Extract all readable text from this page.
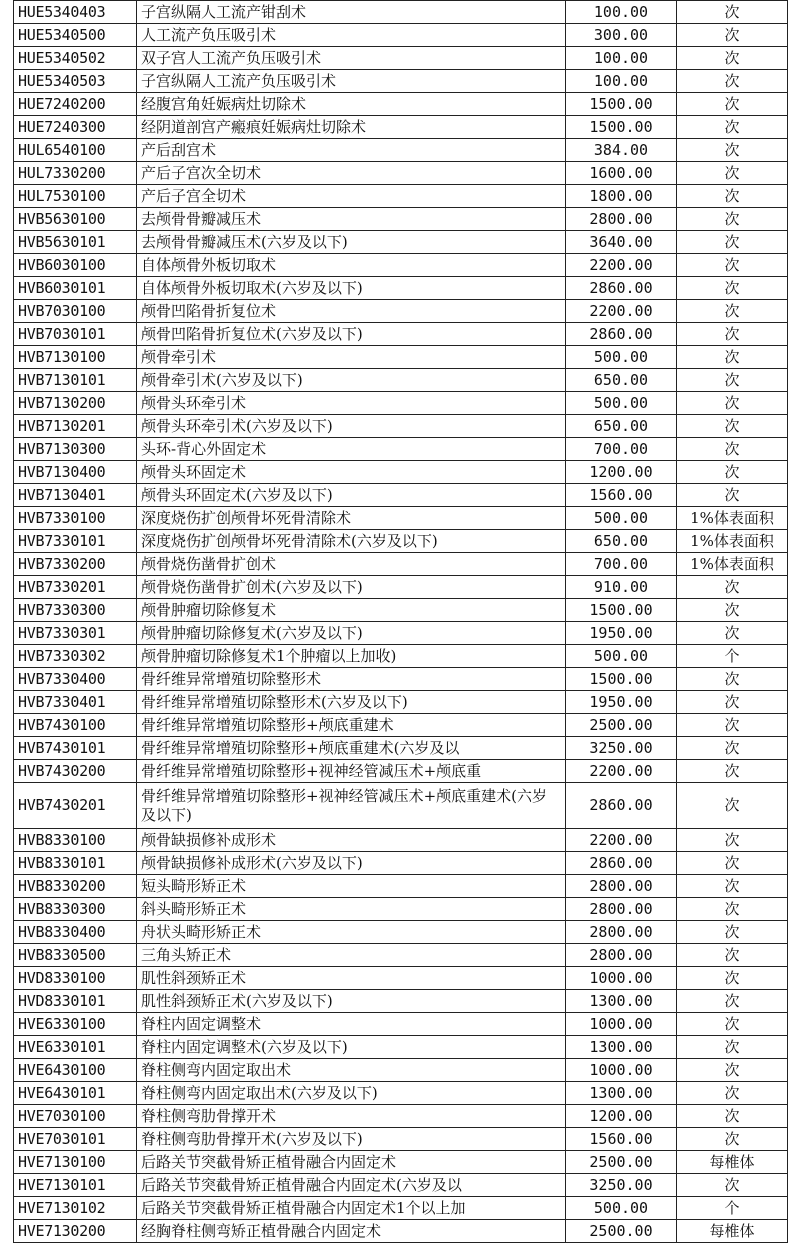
HUE5340403	子宫纵隔人工流产钳刮术	100.00	次
HUE5340500	人工流产负压吸引术	300.00	次
HUE5340502	双子宫人工流产负压吸引术	100.00	次
HUE5340503	子宫纵隔人工流产负压吸引术	100.00	次
HUE7240200	经腹宫角妊娠病灶切除术	1500.00	次
HUE7240300	经阴道剖宫产瘢痕妊娠病灶切除术	1500.00	次
HUL6540100	产后刮宫术	384.00	次
HUL7330200	产后子宫次全切术	1600.00	次
HUL7530100	产后子宫全切术	1800.00	次
HVB5630100	去颅骨骨瓣减压术	2800.00	次
HVB5630101	去颅骨骨瓣减压术(六岁及以下)	3640.00	次
HVB6030100	自体颅骨外板切取术	2200.00	次
HVB6030101	自体颅骨外板切取术(六岁及以下)	2860.00	次
HVB7030100	颅骨凹陷骨折复位术	2200.00	次
HVB7030101	颅骨凹陷骨折复位术(六岁及以下)	2860.00	次
HVB7130100	颅骨牵引术	500.00	次
HVB7130101	颅骨牵引术(六岁及以下)	650.00	次
HVB7130200	颅骨头环牵引术	500.00	次
HVB7130201	颅骨头环牵引术(六岁及以下)	650.00	次
HVB7130300	头环-背心外固定术	700.00	次
HVB7130400	颅骨头环固定术	1200.00	次
HVB7130401	颅骨头环固定术(六岁及以下)	1560.00	次
HVB7330100	深度烧伤扩创颅骨坏死骨清除术	500.00	1%体表面积
HVB7330101	深度烧伤扩创颅骨坏死骨清除术(六岁及以下)	650.00	1%体表面积
HVB7330200	颅骨烧伤凿骨扩创术	700.00	1%体表面积
HVB7330201	颅骨烧伤凿骨扩创术(六岁及以下)	910.00	次
HVB7330300	颅骨肿瘤切除修复术	1500.00	次
HVB7330301	颅骨肿瘤切除修复术(六岁及以下)	1950.00	次
HVB7330302	颅骨肿瘤切除修复术1个肿瘤以上加收)	500.00	个
HVB7330400	骨纤维异常增殖切除整形术	1500.00	次
HVB7330401	骨纤维异常增殖切除整形术(六岁及以下)	1950.00	次
HVB7430100	骨纤维异常增殖切除整形+颅底重建术	2500.00	次
HVB7430101	骨纤维异常增殖切除整形+颅底重建术(六岁及以	3250.00	次
HVB7430200	骨纤维异常增殖切除整形+视神经管减压术+颅底重	2200.00	次
HVB7430201	骨纤维异常增殖切除整形+视神经管减压术+颅底重建术(六岁及以下)	2860.00	次
HVB8330100	颅骨缺损修补成形术	2200.00	次
HVB8330101	颅骨缺损修补成形术(六岁及以下)	2860.00	次
HVB8330200	短头畸形矫正术	2800.00	次
HVB8330300	斜头畸形矫正术	2800.00	次
HVB8330400	舟状头畸形矫正术	2800.00	次
HVB8330500	三角头矫正术	2800.00	次
HVD8330100	肌性斜颈矫正术	1000.00	次
HVD8330101	肌性斜颈矫正术(六岁及以下)	1300.00	次
HVE6330100	脊柱内固定调整术	1000.00	次
HVE6330101	脊柱内固定调整术(六岁及以下)	1300.00	次
HVE6430100	脊柱侧弯内固定取出术	1000.00	次
HVE6430101	脊柱侧弯内固定取出术(六岁及以下)	1300.00	次
HVE7030100	脊柱侧弯肋骨撑开术	1200.00	次
HVE7030101	脊柱侧弯肋骨撑开术(六岁及以下)	1560.00	次
HVE7130100	后路关节突截骨矫正植骨融合内固定术	2500.00	每椎体
HVE7130101	后路关节突截骨矫正植骨融合内固定术(六岁及以	3250.00	次
HVE7130102	后路关节突截骨矫正植骨融合内固定术1个以上加	500.00	个
HVE7130200	经胸脊柱侧弯矫正植骨融合内固定术	2500.00	每椎体
